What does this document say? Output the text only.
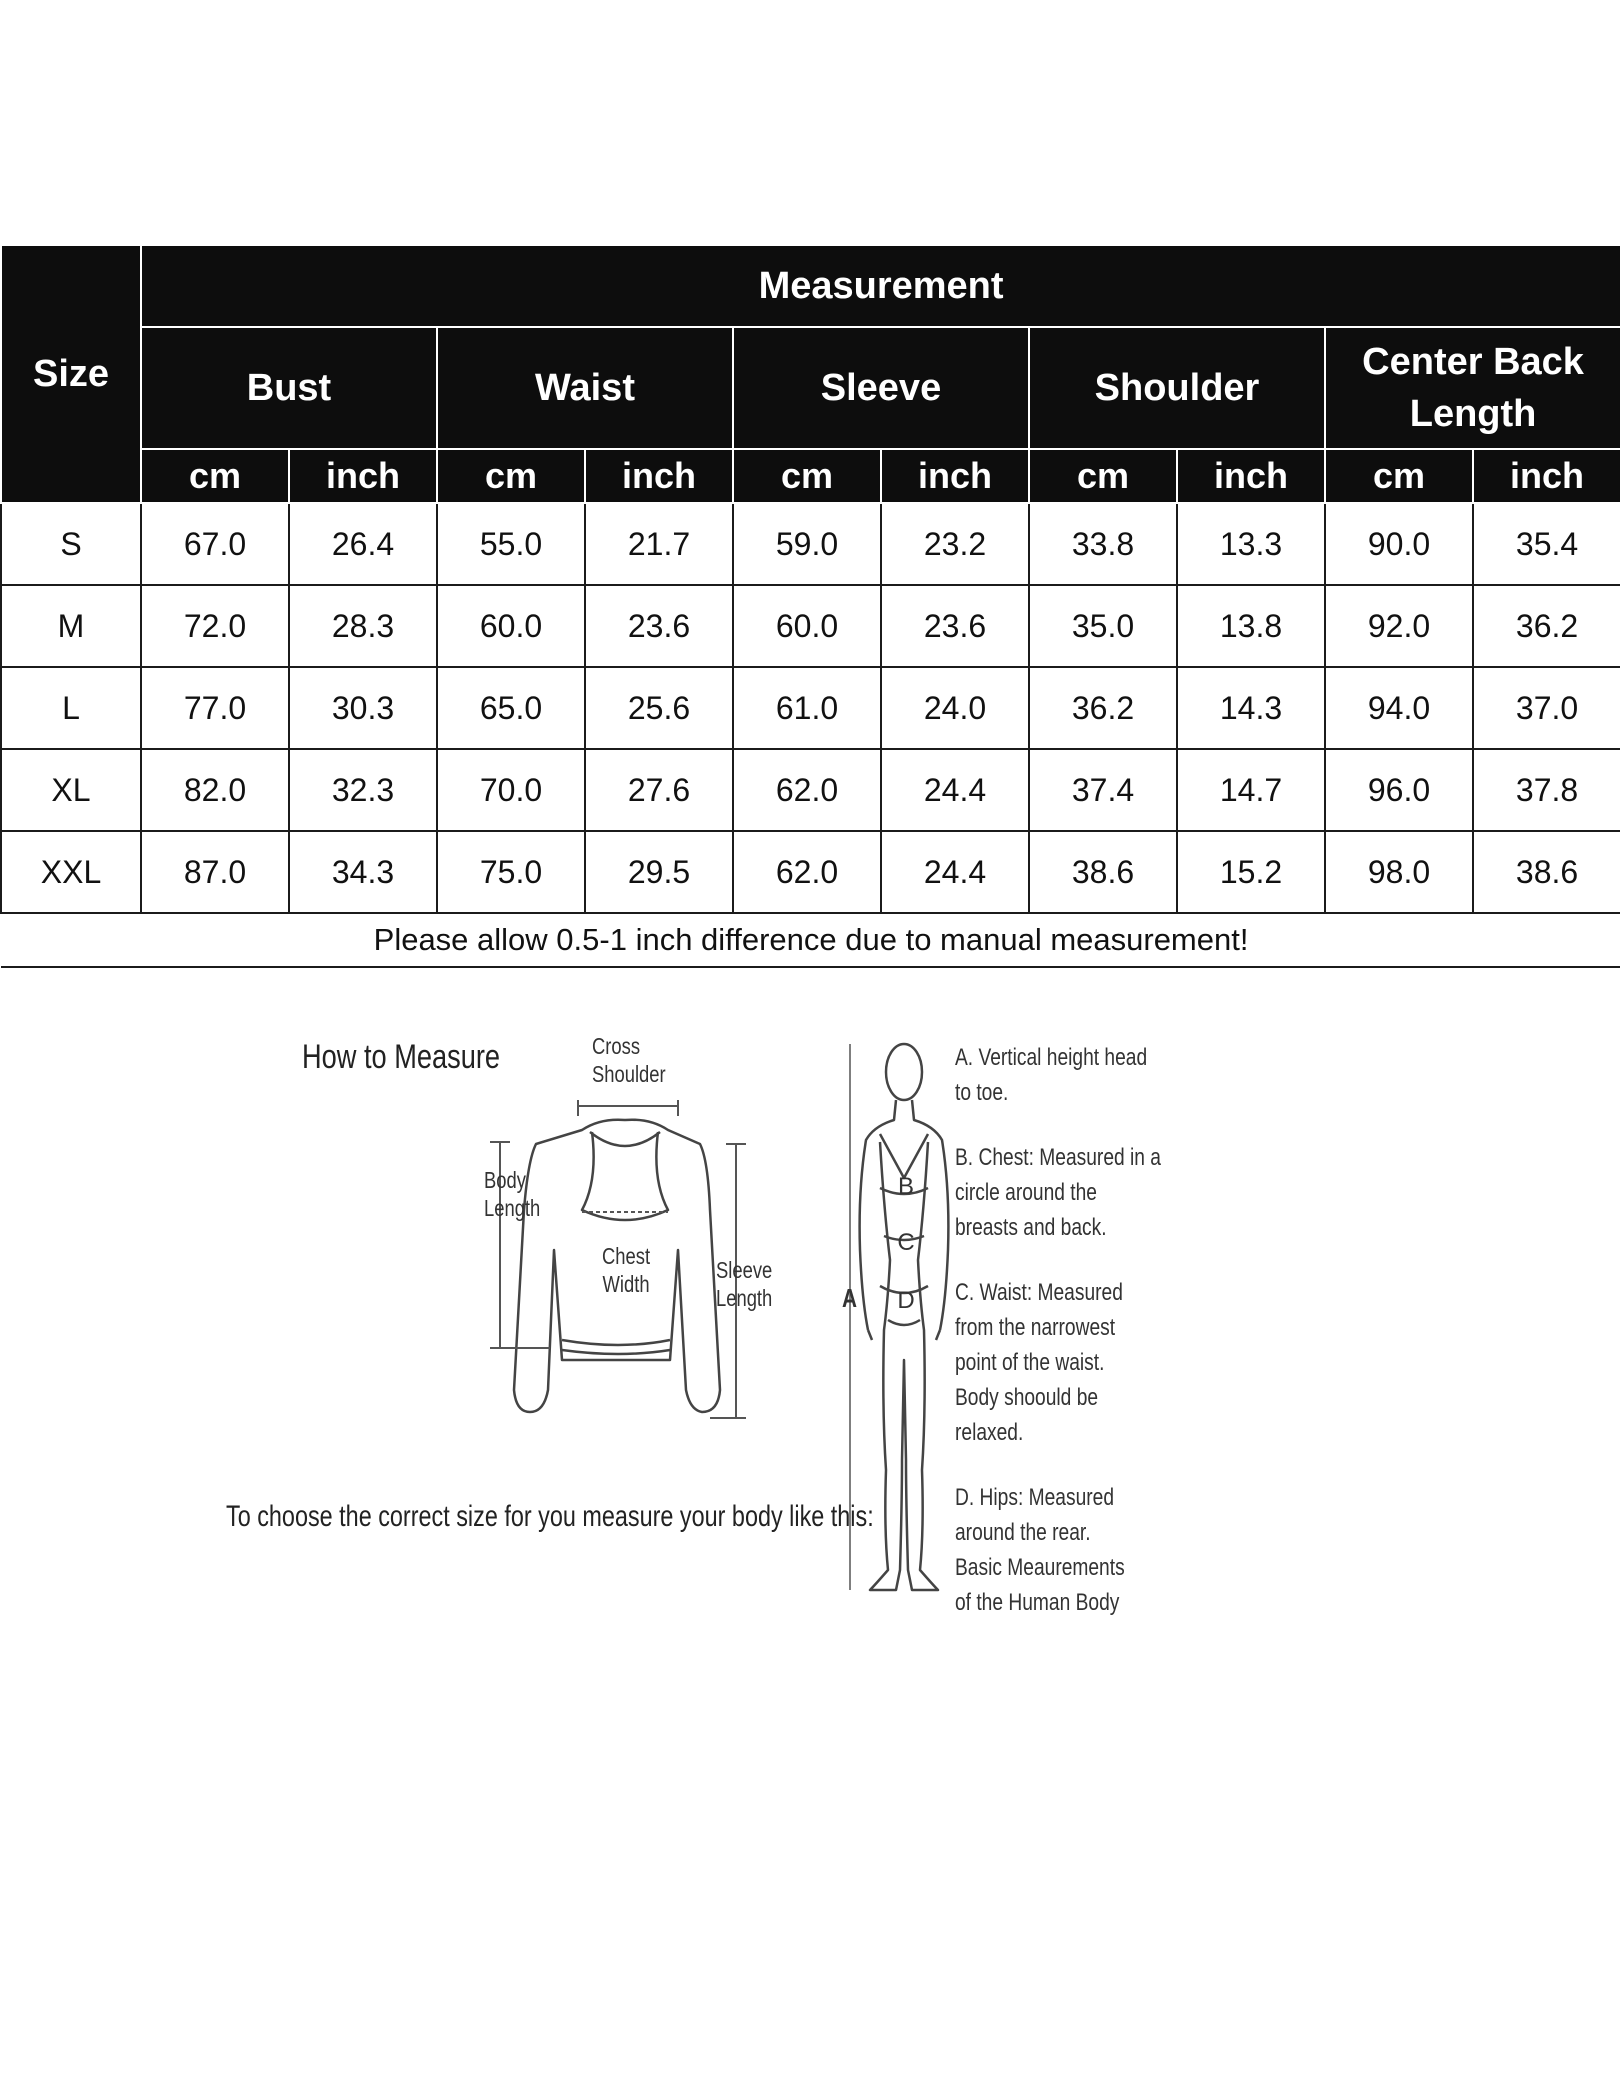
Size	Measurement									
	Bust		Waist		Sleeve		Shoulder		Center Back Length	
	cm	inch	cm	inch	cm	inch	cm	inch	cm	inch
S	67.0	26.4	55.0	21.7	59.0	23.2	33.8	13.3	90.0	35.4
M	72.0	28.3	60.0	23.6	60.0	23.6	35.0	13.8	92.0	36.2
L	77.0	30.3	65.0	25.6	61.0	24.0	36.2	14.3	94.0	37.0
XL	82.0	32.3	70.0	27.6	62.0	24.4	37.4	14.7	96.0	37.8
XXL	87.0	34.3	75.0	29.5	62.0	24.4	38.6	15.2	98.0	38.6
Please allow 0.5-1 inch difference due to manual measurement!										
How to Measure	Cross
Shoulder
Body
Length
Chest
Width
Sleeve
Length
To choose the correct size for you measure your body like this:
B
C
D
A
A. Vertical height head
to toe.
B. Chest: Measured in a
circle around the
breasts and back.
C. Waist: Measured
from the narrowest
point of the waist.
Body shoould be
relaxed.
D. Hips: Measured
around the rear.
Basic Meaurements
of the Human Body
